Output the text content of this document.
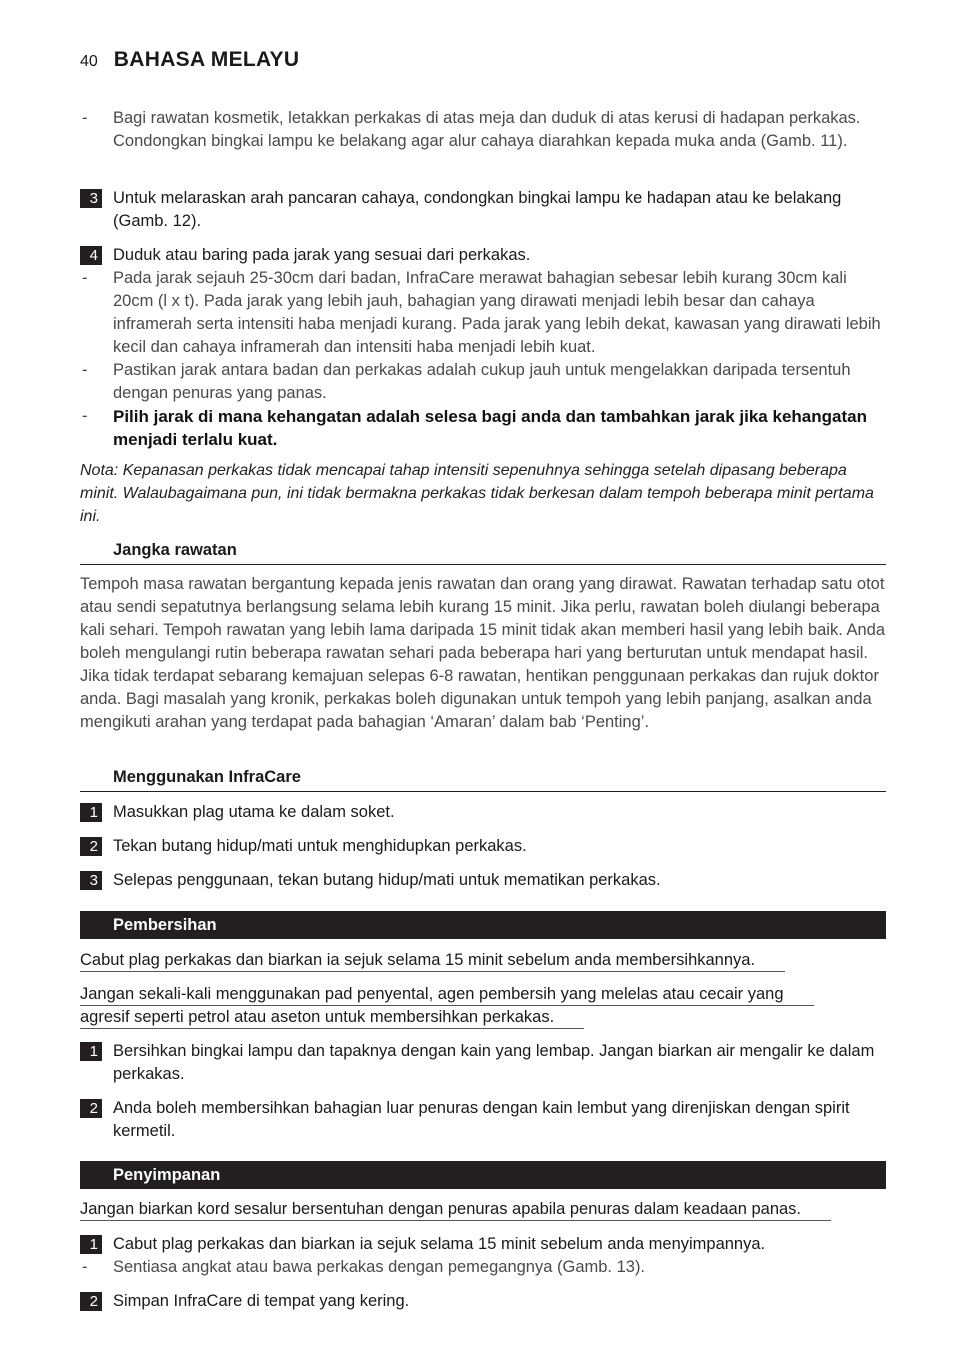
40 BAHASA MELAYU
-	Bagi rawatan kosmetik, letakkan perkakas di atas meja dan duduk di atas kerusi di hadapan perkakas. Condongkan bingkai lampu ke belakang agar alur cahaya diarahkan kepada muka anda (Gamb. 11).
3 Untuk melaraskan arah pancaran cahaya, condongkan bingkai lampu ke hadapan atau ke belakang (Gamb. 12).
4 Duduk atau baring pada jarak yang sesuai dari perkakas.
-	Pada jarak sejauh 25-30cm dari badan, InfraCare merawat bahagian sebesar lebih kurang 30cm kali 20cm (l x t). Pada jarak yang lebih jauh, bahagian yang dirawati menjadi lebih besar dan cahaya inframerah serta intensiti haba menjadi kurang. Pada jarak yang lebih dekat, kawasan yang dirawati lebih kecil dan cahaya inframerah dan intensiti haba menjadi lebih kuat.
-	Pastikan jarak antara badan dan perkakas adalah cukup jauh untuk mengelakkan daripada tersentuh dengan penuras yang panas.
-	Pilih jarak di mana kehangatan adalah selesa bagi anda dan tambahkan jarak jika kehangatan menjadi terlalu kuat.
Nota: Kepanasan perkakas tidak mencapai tahap intensiti sepenuhnya sehingga setelah dipasang beberapa minit. Walaubagaimana pun, ini tidak bermakna perkakas tidak berkesan dalam tempoh beberapa minit pertama ini.
Jangka rawatan
Tempoh masa rawatan bergantung kepada jenis rawatan dan orang yang dirawat. Rawatan terhadap satu otot atau sendi sepatutnya berlangsung selama lebih kurang 15 minit. Jika perlu, rawatan boleh diulangi beberapa kali sehari. Tempoh rawatan yang lebih lama daripada 15 minit tidak akan memberi hasil yang lebih baik. Anda boleh mengulangi rutin beberapa rawatan sehari pada beberapa hari yang berturutan untuk mendapat hasil. Jika tidak terdapat sebarang kemajuan selepas 6-8 rawatan, hentikan penggunaan perkakas dan rujuk doktor anda. Bagi masalah yang kronik, perkakas boleh digunakan untuk tempoh yang lebih panjang, asalkan anda mengikuti arahan yang terdapat pada bahagian ‘Amaran’ dalam bab ‘Penting’.
Menggunakan InfraCare
1 Masukkan plag utama ke dalam soket.
2 Tekan butang hidup/mati untuk menghidupkan perkakas.
3 Selepas penggunaan, tekan butang hidup/mati untuk mematikan perkakas.
Pembersihan
Cabut plag perkakas dan biarkan ia sejuk selama 15 minit sebelum anda membersihkannya.
Jangan sekali-kali menggunakan pad penyental, agen pembersih yang melelas atau cecair yang
agresif seperti petrol atau aseton untuk membersihkan perkakas.
1 Bersihkan bingkai lampu dan tapaknya dengan kain yang lembap. Jangan biarkan air mengalir ke dalam perkakas.
2 Anda boleh membersihkan bahagian luar penuras dengan kain lembut yang direnjiskan dengan spirit kermetil.
Penyimpanan
Jangan biarkan kord sesalur bersentuhan dengan penuras apabila penuras dalam keadaan panas.
1 Cabut plag perkakas dan biarkan ia sejuk selama 15 minit sebelum anda menyimpannya.
-	Sentiasa angkat atau bawa perkakas dengan pemegangnya (Gamb. 13).
2 Simpan InfraCare di tempat yang kering.
